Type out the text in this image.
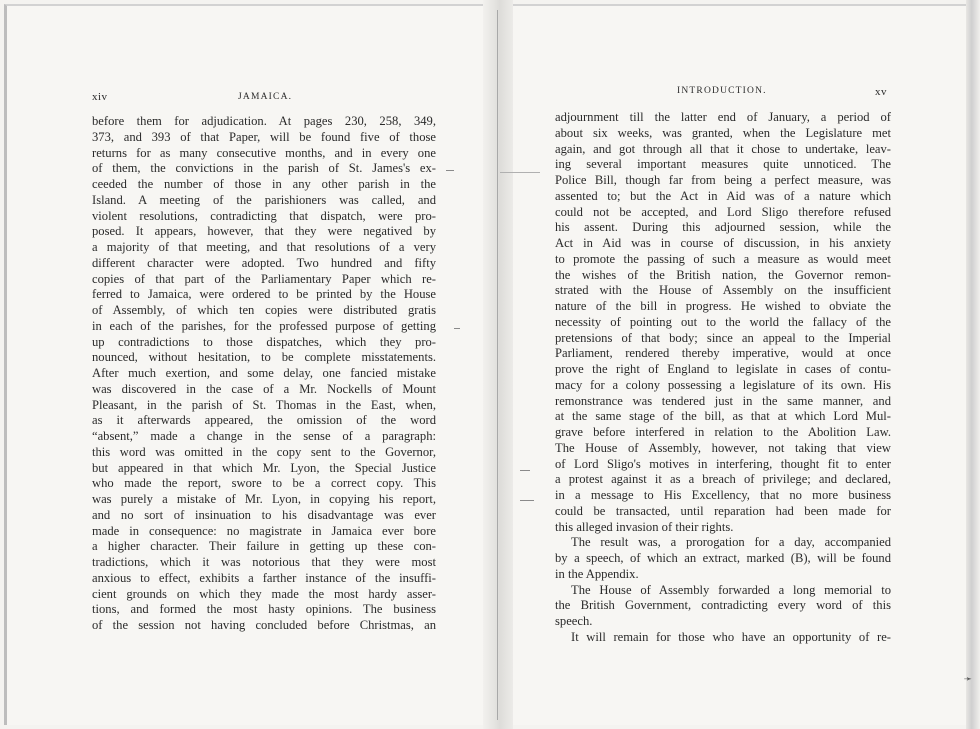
xiv	JAMAICA.
before them for adjudication. At pages 230, 258, 349,
373, and 393 of that Paper, will be found five of those
returns for as many consecutive months, and in every one
of them, the convictions in the parish of St. James's ex-
ceeded the number of those in any other parish in the
Island. A meeting of the parishioners was called, and
violent resolutions, contradicting that dispatch, were pro-
posed. It appears, however, that they were negatived by
a majority of that meeting, and that resolutions of a very
different character were adopted. Two hundred and fifty
copies of that part of the Parliamentary Paper which re-
ferred to Jamaica, were ordered to be printed by the House
of Assembly, of which ten copies were distributed gratis
in each of the parishes, for the professed purpose of getting
up contradictions to those dispatches, which they pro-
nounced, without hesitation, to be complete misstatements.
After much exertion, and some delay, one fancied mistake
was discovered in the case of a Mr. Nockells of Mount
Pleasant, in the parish of St. Thomas in the East, when,
as it afterwards appeared, the omission of the word
“absent,” made a change in the sense of a paragraph:
this word was omitted in the copy sent to the Governor,
but appeared in that which Mr. Lyon, the Special Justice
who made the report, swore to be a correct copy. This
was purely a mistake of Mr. Lyon, in copying his report,
and no sort of insinuation to his disadvantage was ever
made in consequence: no magistrate in Jamaica ever bore
a higher character. Their failure in getting up these con-
tradictions, which it was notorious that they were most
anxious to effect, exhibits a farther instance of the insuffi-
cient grounds on which they made the most hardy asser-
tions, and formed the most hasty opinions. The business
of the session not having concluded before Christmas, an
INTRODUCTION.	xv
adjournment till the latter end of January, a period of
about six weeks, was granted, when the Legislature met
again, and got through all that it chose to undertake, leav-
ing several important measures quite unnoticed. The
Police Bill, though far from being a perfect measure, was
assented to; but the Act in Aid was of a nature which
could not be accepted, and Lord Sligo therefore refused
his assent. During this adjourned session, while the
Act in Aid was in course of discussion, in his anxiety
to promote the passing of such a measure as would meet
the wishes of the British nation, the Governor remon-
strated with the House of Assembly on the insufficient
nature of the bill in progress. He wished to obviate the
necessity of pointing out to the world the fallacy of the
pretensions of that body; since an appeal to the Imperial
Parliament, rendered thereby imperative, would at once
prove the right of England to legislate in cases of contu-
macy for a colony possessing a legislature of its own. His
remonstrance was tendered just in the same manner, and
at the same stage of the bill, as that at which Lord Mul-
grave before interfered in relation to the Abolition Law.
The House of Assembly, however, not taking that view
of Lord Sligo's motives in interfering, thought fit to enter
a protest against it as a breach of privilege; and declared,
in a message to His Excellency, that no more business
could be transacted, until reparation had been made for
this alleged invasion of their rights.
The result was, a prorogation for a day, accompanied
by a speech, of which an extract, marked (B), will be found
in the Appendix.
The House of Assembly forwarded a long memorial to
the British Government, contradicting every word of this
speech.
It will remain for those who have an opportunity of re-
➛
